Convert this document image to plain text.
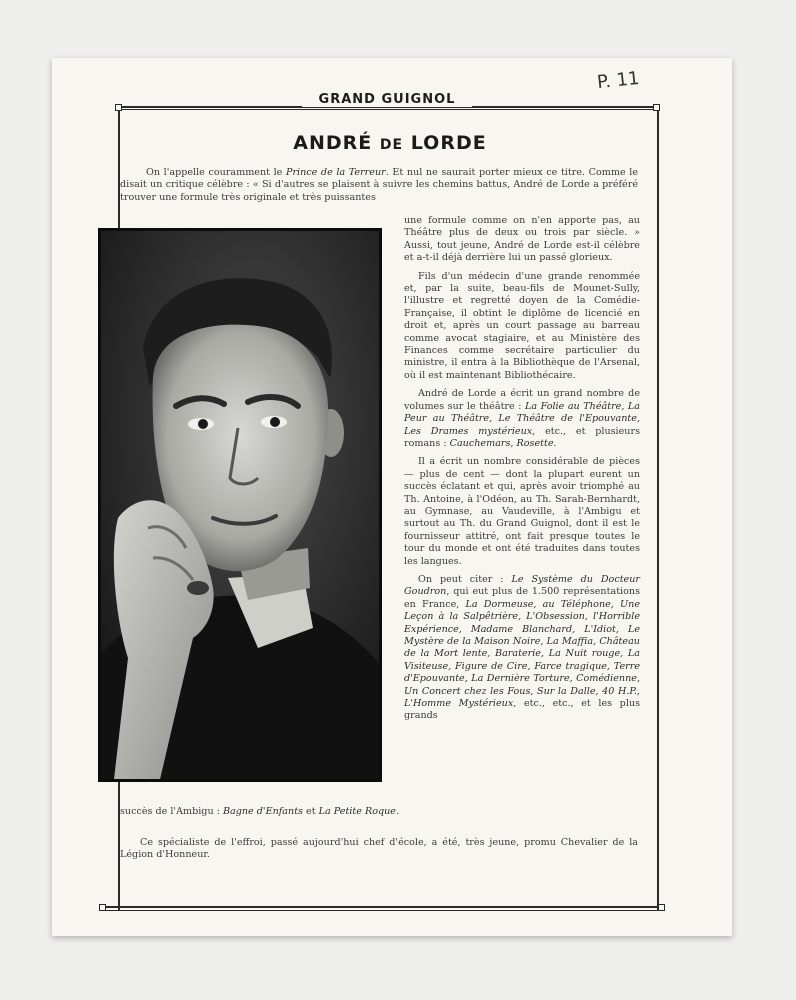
P. 11
GRAND GUIGNOL
ANDRÉ DE LORDE

On l'appelle couramment le Prince de la Terreur. Et nul ne saurait porter mieux ce titre. Comme le disait un critique célèbre : « Si d'autres se plaisent à suivre les chemins battus, André de Lorde a préféré trouver une formule très originale et très puissantes

une formule comme on n'en apporte pas, au Théâtre plus de deux ou trois par siècle. » Aussi, tout jeune, André de Lorde est-il célèbre et a-t-il déjà derrière lui un passé glorieux.

Fils d'un médecin d'une grande renommée et, par la suite, beau-fils de Mounet-Sully, l'illustre et regretté doyen de la Comédie-Française, il obtint le diplôme de licencié en droit et, après un court passage au barreau comme avocat stagiaire, et au Ministère des Finances comme secrétaire particulier du ministre, il entra à la Bibliothèque de l'Arsenal, où il est maintenant Bibliothécaire.

André de Lorde a écrit un grand nombre de volumes sur le théâtre : La Folie au Théâtre, La Peur au Théâtre, Le Théâtre de l'Epouvante, Les Drames mystérieux, etc., et plusieurs romans : Cauchemars, Rosette.

Il a écrit un nombre considérable de pièces — plus de cent — dont la plupart eurent un succès éclatant et qui, après avoir triomphé au Th. Antoine, à l'Odéon, au Th. Sarah-Bernhardt, au Gymnase, au Vaudeville, à l'Ambigu et surtout au Th. du Grand Guignol, dont il est le fournisseur attitré, ont fait presque toutes le tour du monde et ont été traduites dans toutes les langues.

On peut citer : Le Système du Docteur Goudron, qui eut plus de 1.500 représentations en France, La Dormeuse, au Téléphone, Une Leçon à la Salpêtrière, L'Obsession, l'Horrible Expérience, Madame Blanchard, L'Idiot, Le Mystère de la Maison Noire, La Maffia, Château de la Mort lente, Baraterie, La Nuit rouge, La Visiteuse, Figure de Cire, Farce tragique, Terre d'Epouvante, La Dernière Torture, Comédienne, Un Concert chez les Fous, Sur la Dalle, 40 H.P., L'Homme Mystérieux, etc., etc., et les plus grands

succès de l'Ambigu : Bagne d'Enfants et La Petite Roque.

Ce spécialiste de l'effroi, passé aujourd'hui chef d'école, a été, très jeune, promu Chevalier de la Légion d'Honneur.
